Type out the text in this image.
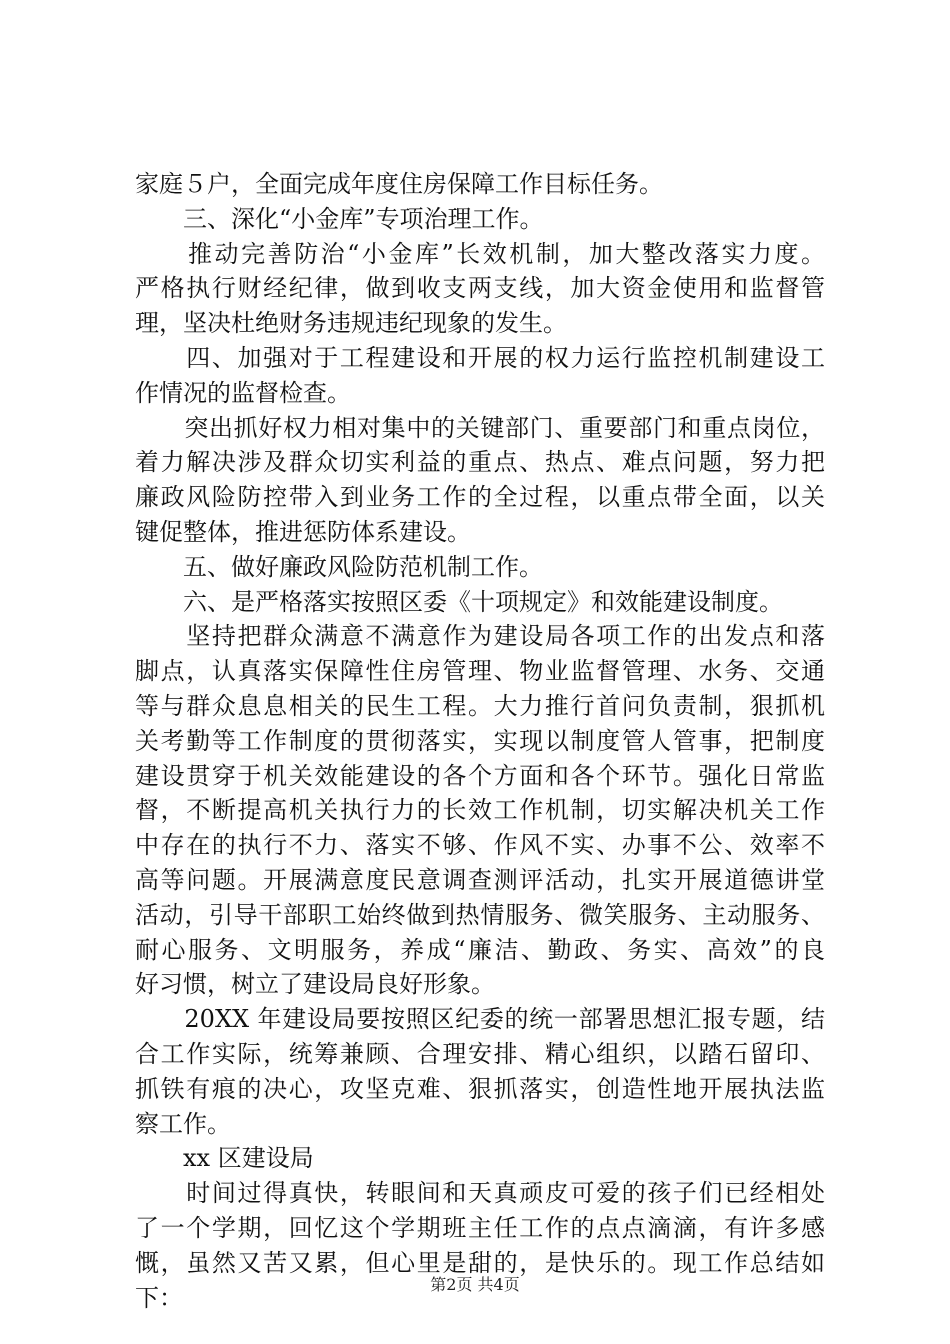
家庭５户，全面完成年度住房保障工作目标任务。
　　三、深化“小金库”专项治理工作。
　　推动完善防治“小金库”长效机制，加大整改落实力度。
严格执行财经纪律，做到收支两支线，加大资金使用和监督管
理，坚决杜绝财务违规违纪现象的发生。
　　四、加强对于工程建设和开展的权力运行监控机制建设工
作情况的监督检查。
　　突出抓好权力相对集中的关键部门、重要部门和重点岗位，
着力解决涉及群众切实利益的重点、热点、难点问题，努力把
廉政风险防控带入到业务工作的全过程，以重点带全面，以关
键促整体，推进惩防体系建设。
　　五、做好廉政风险防范机制工作。
　　六、是严格落实按照区委《十项规定》和效能建设制度。
　　坚持把群众满意不满意作为建设局各项工作的出发点和落
脚点，认真落实保障性住房管理、物业监督管理、水务、交通
等与群众息息相关的民生工程。大力推行首问负责制，狠抓机
关考勤等工作制度的贯彻落实，实现以制度管人管事，把制度
建设贯穿于机关效能建设的各个方面和各个环节。强化日常监
督，不断提高机关执行力的长效工作机制，切实解决机关工作
中存在的执行不力、落实不够、作风不实、办事不公、效率不
高等问题。开展满意度民意调查测评活动，扎实开展道德讲堂
活动，引导干部职工始终做到热情服务、微笑服务、主动服务、
耐心服务、文明服务，养成“廉洁、勤政、务实、高效”的良
好习惯，树立了建设局良好形象。
　　20XX 年建设局要按照区纪委的统一部署思想汇报专题，结
合工作实际，统筹兼顾、合理安排、精心组织，以踏石留印、
抓铁有痕的决心，攻坚克难、狠抓落实，创造性地开展执法监
察工作。
　　xx 区建设局
　　时间过得真快，转眼间和天真顽皮可爱的孩子们已经相处
了一个学期，回忆这个学期班主任工作的点点滴滴，有许多感
慨，虽然又苦又累，但心里是甜的，是快乐的。现工作总结如
下：	第2页 共4页
